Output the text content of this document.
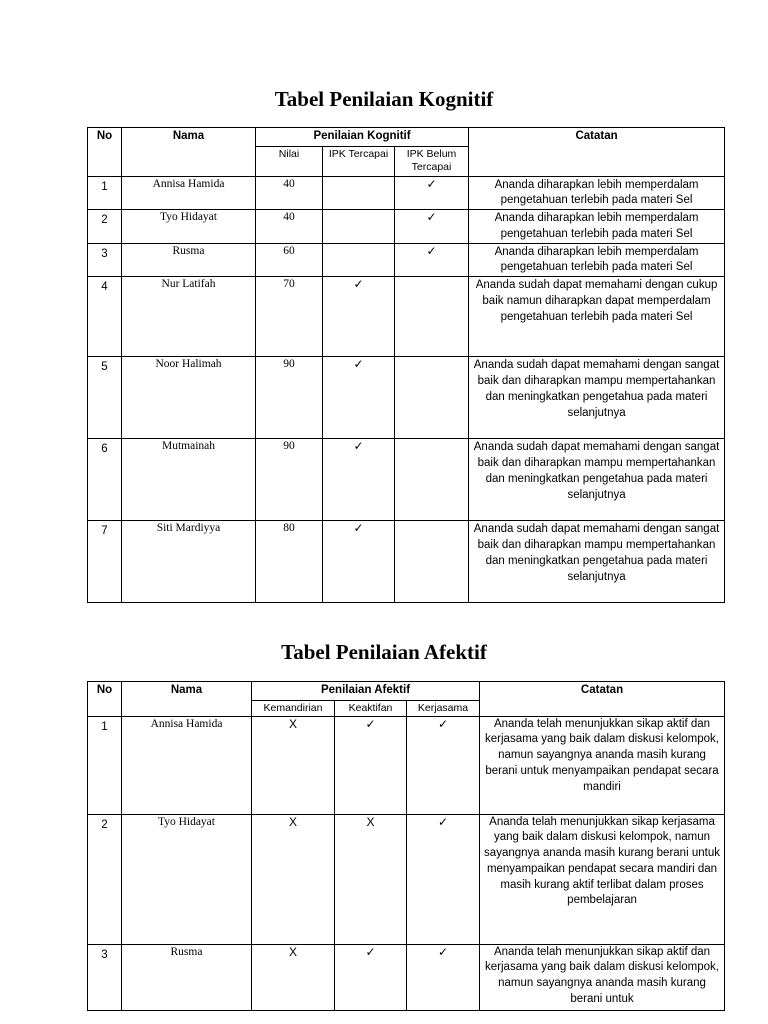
Tabel Penilaian Kognitif
No	Nama	Penilaian Kognitif			Catatan
		Nilai	IPK Tercapai	IPK Belum Tercapai	
1	Annisa Hamida	40		✓	Ananda diharapkan lebih memperdalam pengetahuan terlebih pada materi Sel
2	Tyo Hidayat	40		✓	Ananda diharapkan lebih memperdalam pengetahuan terlebih pada materi Sel
3	Rusma	60		✓	Ananda diharapkan lebih memperdalam pengetahuan terlebih pada materi Sel
4	Nur Latifah	70	✓		Ananda sudah dapat memahami dengan cukup baik namun diharapkan dapat memperdalam pengetahuan terlebih pada materi Sel
5	Noor Halimah	90	✓		Ananda sudah dapat memahami dengan sangat baik dan diharapkan mampu mempertahankan dan meningkatkan pengetahua pada materi selanjutnya
6	Mutmainah	90	✓		Ananda sudah dapat memahami dengan sangat baik dan diharapkan mampu mempertahankan dan meningkatkan pengetahua pada materi selanjutnya
7	Siti Mardiyya	80	✓		Ananda sudah dapat memahami dengan sangat baik dan diharapkan mampu mempertahankan dan meningkatkan pengetahua pada materi selanjutnya
Tabel Penilaian Afektif
No	Nama	Penilaian Afektif			Catatan
		Kemandirian	Keaktifan	Kerjasama	
1	Annisa Hamida	X	✓	✓	Ananda telah menunjukkan sikap aktif dan kerjasama yang baik dalam diskusi kelompok, namun sayangnya ananda masih kurang berani untuk menyampaikan pendapat secara mandiri
2	Tyo Hidayat	X	X	✓	Ananda telah menunjukkan sikap kerjasama yang baik dalam diskusi kelompok, namun sayangnya ananda masih kurang berani untuk menyampaikan pendapat secara mandiri dan masih kurang aktif terlibat dalam proses pembelajaran
3	Rusma	X	✓	✓	Ananda telah menunjukkan sikap aktif dan kerjasama yang baik dalam diskusi kelompok, namun sayangnya ananda masih kurang berani untuk
